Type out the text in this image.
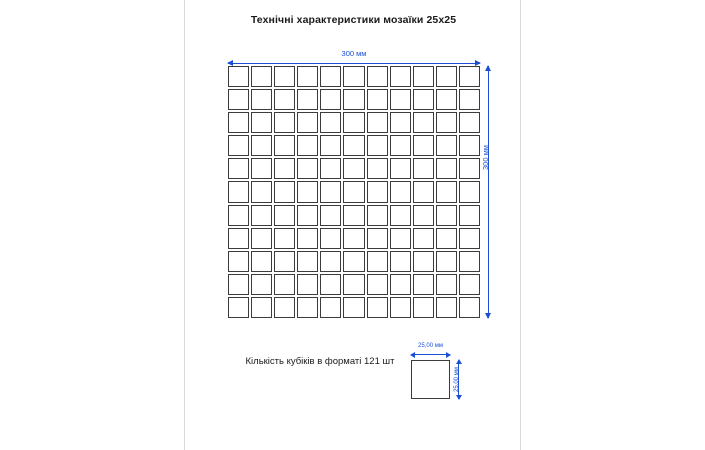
Технічні характеристики мозаїки 25x25
300 мм
300 мм
Кількість кубіків в форматі 121 шт
25,00 мм
25,00 мм
